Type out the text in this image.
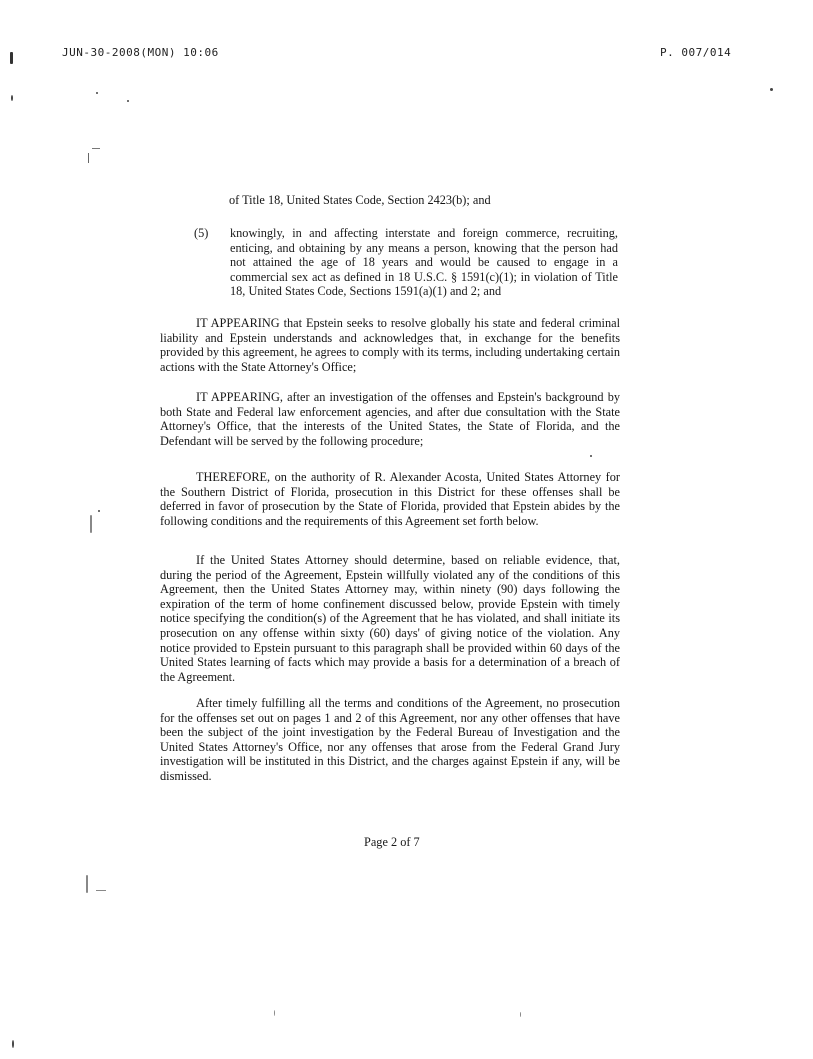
JUN-30-2008(MON) 10:06	P. 007/014
of Title 18, United States Code, Section 2423(b); and
(5) knowingly, in and affecting interstate and foreign commerce, recruiting, enticing, and obtaining by any means a person, knowing that the person had not attained the age of 18 years and would be caused to engage in a commercial sex act as defined in 18 U.S.C. § 1591(c)(1); in violation of Title 18, United States Code, Sections 1591(a)(1) and 2; and
IT APPEARING that Epstein seeks to resolve globally his state and federal criminal liability and Epstein understands and acknowledges that, in exchange for the benefits provided by this agreement, he agrees to comply with its terms, including undertaking certain actions with the State Attorney's Office;
IT APPEARING, after an investigation of the offenses and Epstein's background by both State and Federal law enforcement agencies, and after due consultation with the State Attorney's Office, that the interests of the United States, the State of Florida, and the Defendant will be served by the following procedure;
THEREFORE, on the authority of R. Alexander Acosta, United States Attorney for the Southern District of Florida, prosecution in this District for these offenses shall be deferred in favor of prosecution by the State of Florida, provided that Epstein abides by the following conditions and the requirements of this Agreement set forth below.
If the United States Attorney should determine, based on reliable evidence, that, during the period of the Agreement, Epstein willfully violated any of the conditions of this Agreement, then the United States Attorney may, within ninety (90) days following the expiration of the term of home confinement discussed below, provide Epstein with timely notice specifying the condition(s) of the Agreement that he has violated, and shall initiate its prosecution on any offense within sixty (60) days' of giving notice of the violation. Any notice provided to Epstein pursuant to this paragraph shall be provided within 60 days of the United States learning of facts which may provide a basis for a determination of a breach of the Agreement.
After timely fulfilling all the terms and conditions of the Agreement, no prosecution for the offenses set out on pages 1 and 2 of this Agreement, nor any other offenses that have been the subject of the joint investigation by the Federal Bureau of Investigation and the United States Attorney's Office, nor any offenses that arose from the Federal Grand Jury investigation will be instituted in this District, and the charges against Epstein if any, will be dismissed.
Page 2 of 7
